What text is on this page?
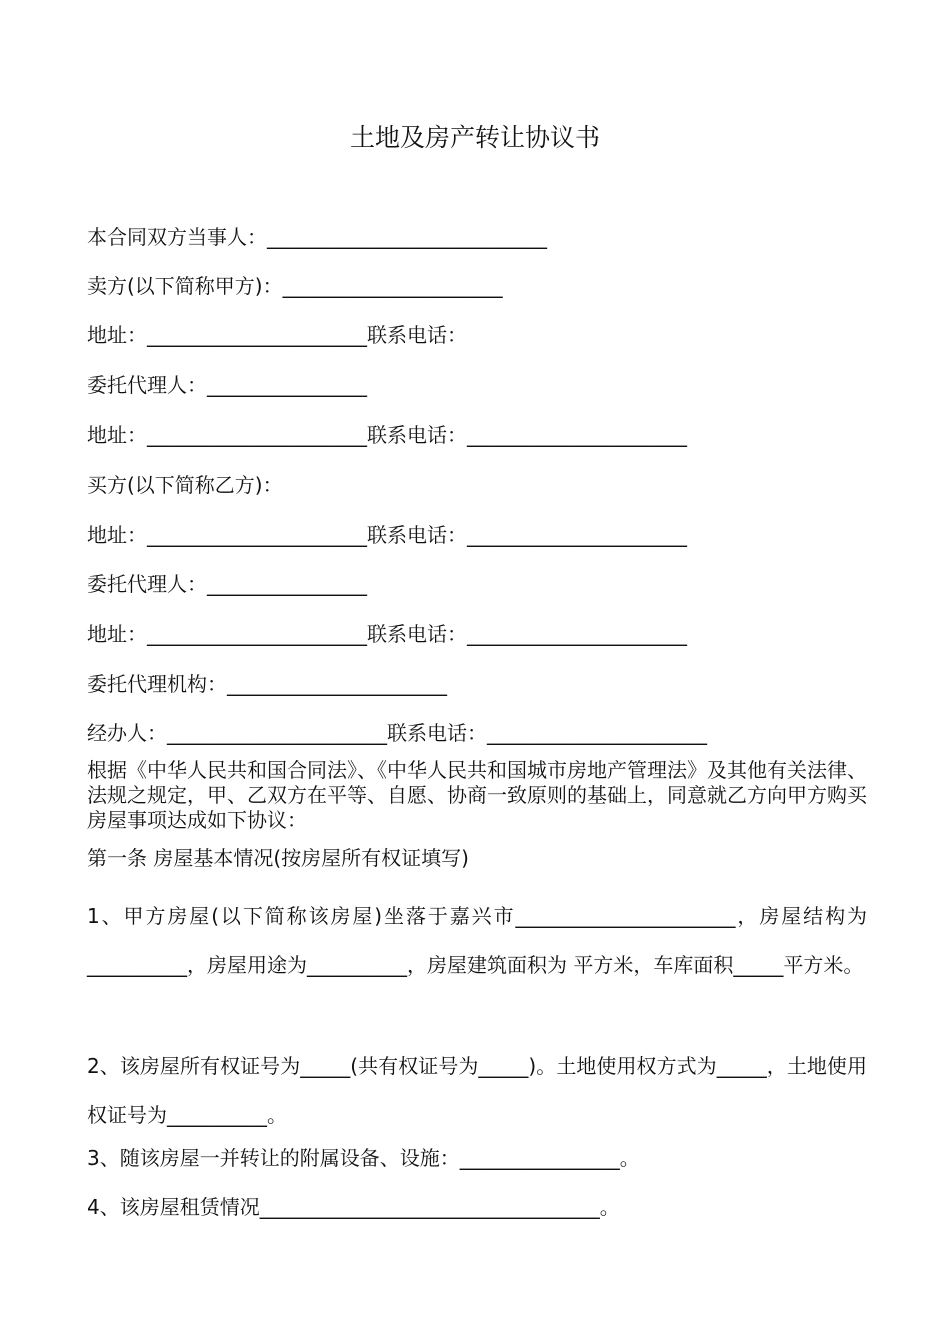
土地及房产转让协议书
本合同双方当事人：____________________________
卖方(以下简称甲方)：______________________
地址：______________________联系电话：
委托代理人：________________
地址：______________________联系电话：______________________
买方(以下简称乙方)：
地址：______________________联系电话：______________________
委托代理人：________________
地址：______________________联系电话：______________________
委托代理机构：______________________
经办人：______________________联系电话：______________________
根据《中华人民共和国合同法》、《中华人民共和国城市房地产管理法》及其他有关法律、法规之规定，甲、乙双方在平等、自愿、协商一致原则的基础上，同意就乙方向甲方购买房屋事项达成如下协议：
第一条 房屋基本情况(按房屋所有权证填写)
1、甲方房屋(以下简称该房屋)坐落于嘉兴市______________________，房屋结构为__________，房屋用途为__________，房屋建筑面积为 平方米，车库面积_____平方米。
2、该房屋所有权证号为_____(共有权证号为_____)。土地使用权方式为_____，土地使用权证号为__________。
3、随该房屋一并转让的附属设备、设施：________________。
4、该房屋租赁情况__________________________________。
